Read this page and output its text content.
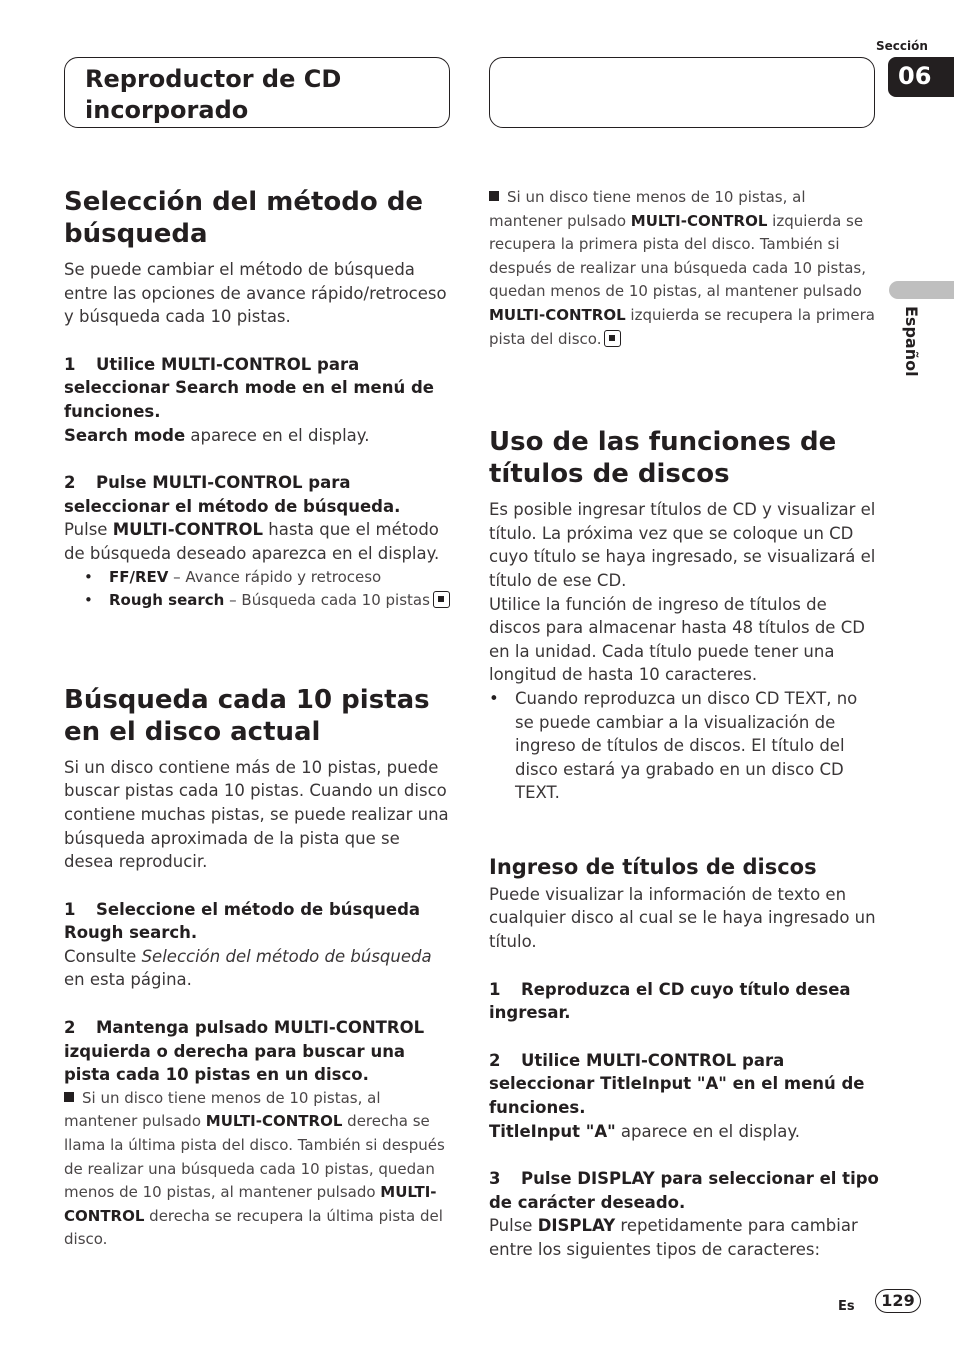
Reproductor de CD
incorporado
Sección
06
Español
Selección del método de búsqueda
Se puede cambiar el método de búsqueda entre las opciones de avance rápido/retroceso y búsqueda cada 10 pistas.
1 Utilice MULTI-CONTROL para seleccionar Search mode en el menú de funciones.
Search mode aparece en el display.
2 Pulse MULTI-CONTROL para seleccionar el método de búsqueda.
Pulse MULTI-CONTROL hasta que el método de búsqueda deseado aparezca en el display.
• FF/REV – Avance rápido y retroceso
• Rough search – Búsqueda cada 10 pistas
Búsqueda cada 10 pistas en el disco actual
Si un disco contiene más de 10 pistas, puede buscar pistas cada 10 pistas. Cuando un disco contiene muchas pistas, se puede realizar una búsqueda aproximada de la pista que se desea reproducir.
1 Seleccione el método de búsqueda Rough search.
Consulte Selección del método de búsqueda en esta página.
2 Mantenga pulsado MULTI-CONTROL izquierda o derecha para buscar una pista cada 10 pistas en un disco.
Si un disco tiene menos de 10 pistas, al mantener pulsado MULTI-CONTROL derecha se llama la última pista del disco. También si después de realizar una búsqueda cada 10 pistas, quedan menos de 10 pistas, al mantener pulsado MULTI-CONTROL derecha se recupera la última pista del disco.
Si un disco tiene menos de 10 pistas, al mantener pulsado MULTI-CONTROL izquierda se recupera la primera pista del disco. También si después de realizar una búsqueda cada 10 pistas, quedan menos de 10 pistas, al mantener pulsado MULTI-CONTROL izquierda se recupera la primera pista del disco.
Uso de las funciones de títulos de discos
Es posible ingresar títulos de CD y visualizar el título. La próxima vez que se coloque un CD cuyo título se haya ingresado, se visualizará el título de ese CD.
Utilice la función de ingreso de títulos de discos para almacenar hasta 48 títulos de CD en la unidad. Cada título puede tener una longitud de hasta 10 caracteres.
• Cuando reproduzca un disco CD TEXT, no se puede cambiar a la visualización de ingreso de títulos de discos. El título del disco estará ya grabado en un disco CD TEXT.
Ingreso de títulos de discos
Puede visualizar la información de texto en cualquier disco al cual se le haya ingresado un título.
1 Reproduzca el CD cuyo título desea ingresar.
2 Utilice MULTI-CONTROL para seleccionar TitleInput "A" en el menú de funciones.
TitleInput "A" aparece en el display.
3 Pulse DISPLAY para seleccionar el tipo de carácter deseado.
Pulse DISPLAY repetidamente para cambiar entre los siguientes tipos de caracteres:
Es	129
